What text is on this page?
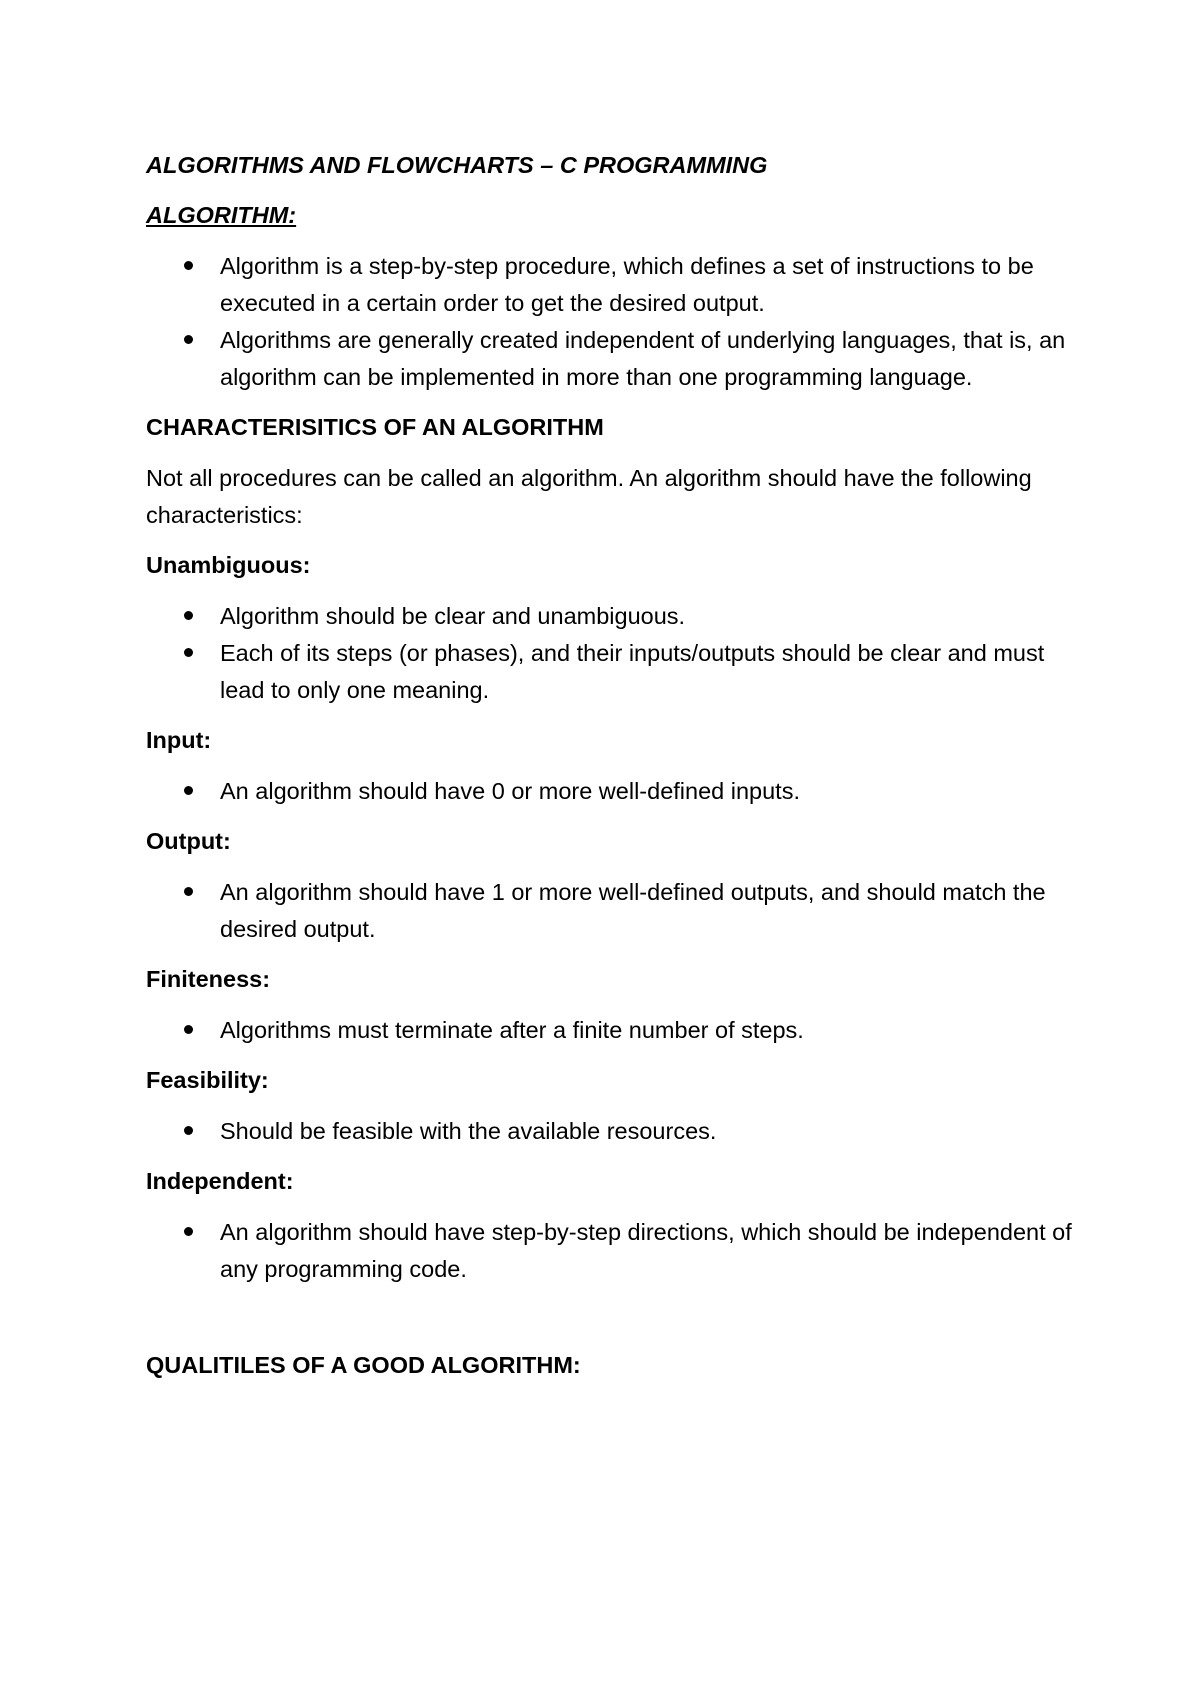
ALGORITHMS AND FLOWCHARTS – C PROGRAMMING
ALGORITHM:
Algorithm is a step-by-step procedure, which defines a set of instructions to be executed in a certain order to get the desired output.
Algorithms are generally created independent of underlying languages, that is, an algorithm can be implemented in more than one programming language.
CHARACTERISITICS OF AN ALGORITHM
Not all procedures can be called an algorithm. An algorithm should have the following characteristics:
Unambiguous:
Algorithm should be clear and unambiguous.
Each of its steps (or phases), and their inputs/outputs should be clear and must lead to only one meaning.
Input:
An algorithm should have 0 or more well-defined inputs.
Output:
An algorithm should have 1 or more well-defined outputs, and should match the desired output.
Finiteness:
Algorithms must terminate after a finite number of steps.
Feasibility:
Should be feasible with the available resources.
Independent:
An algorithm should have step-by-step directions, which should be independent of any programming code.
QUALITILES OF A GOOD ALGORITHM:
